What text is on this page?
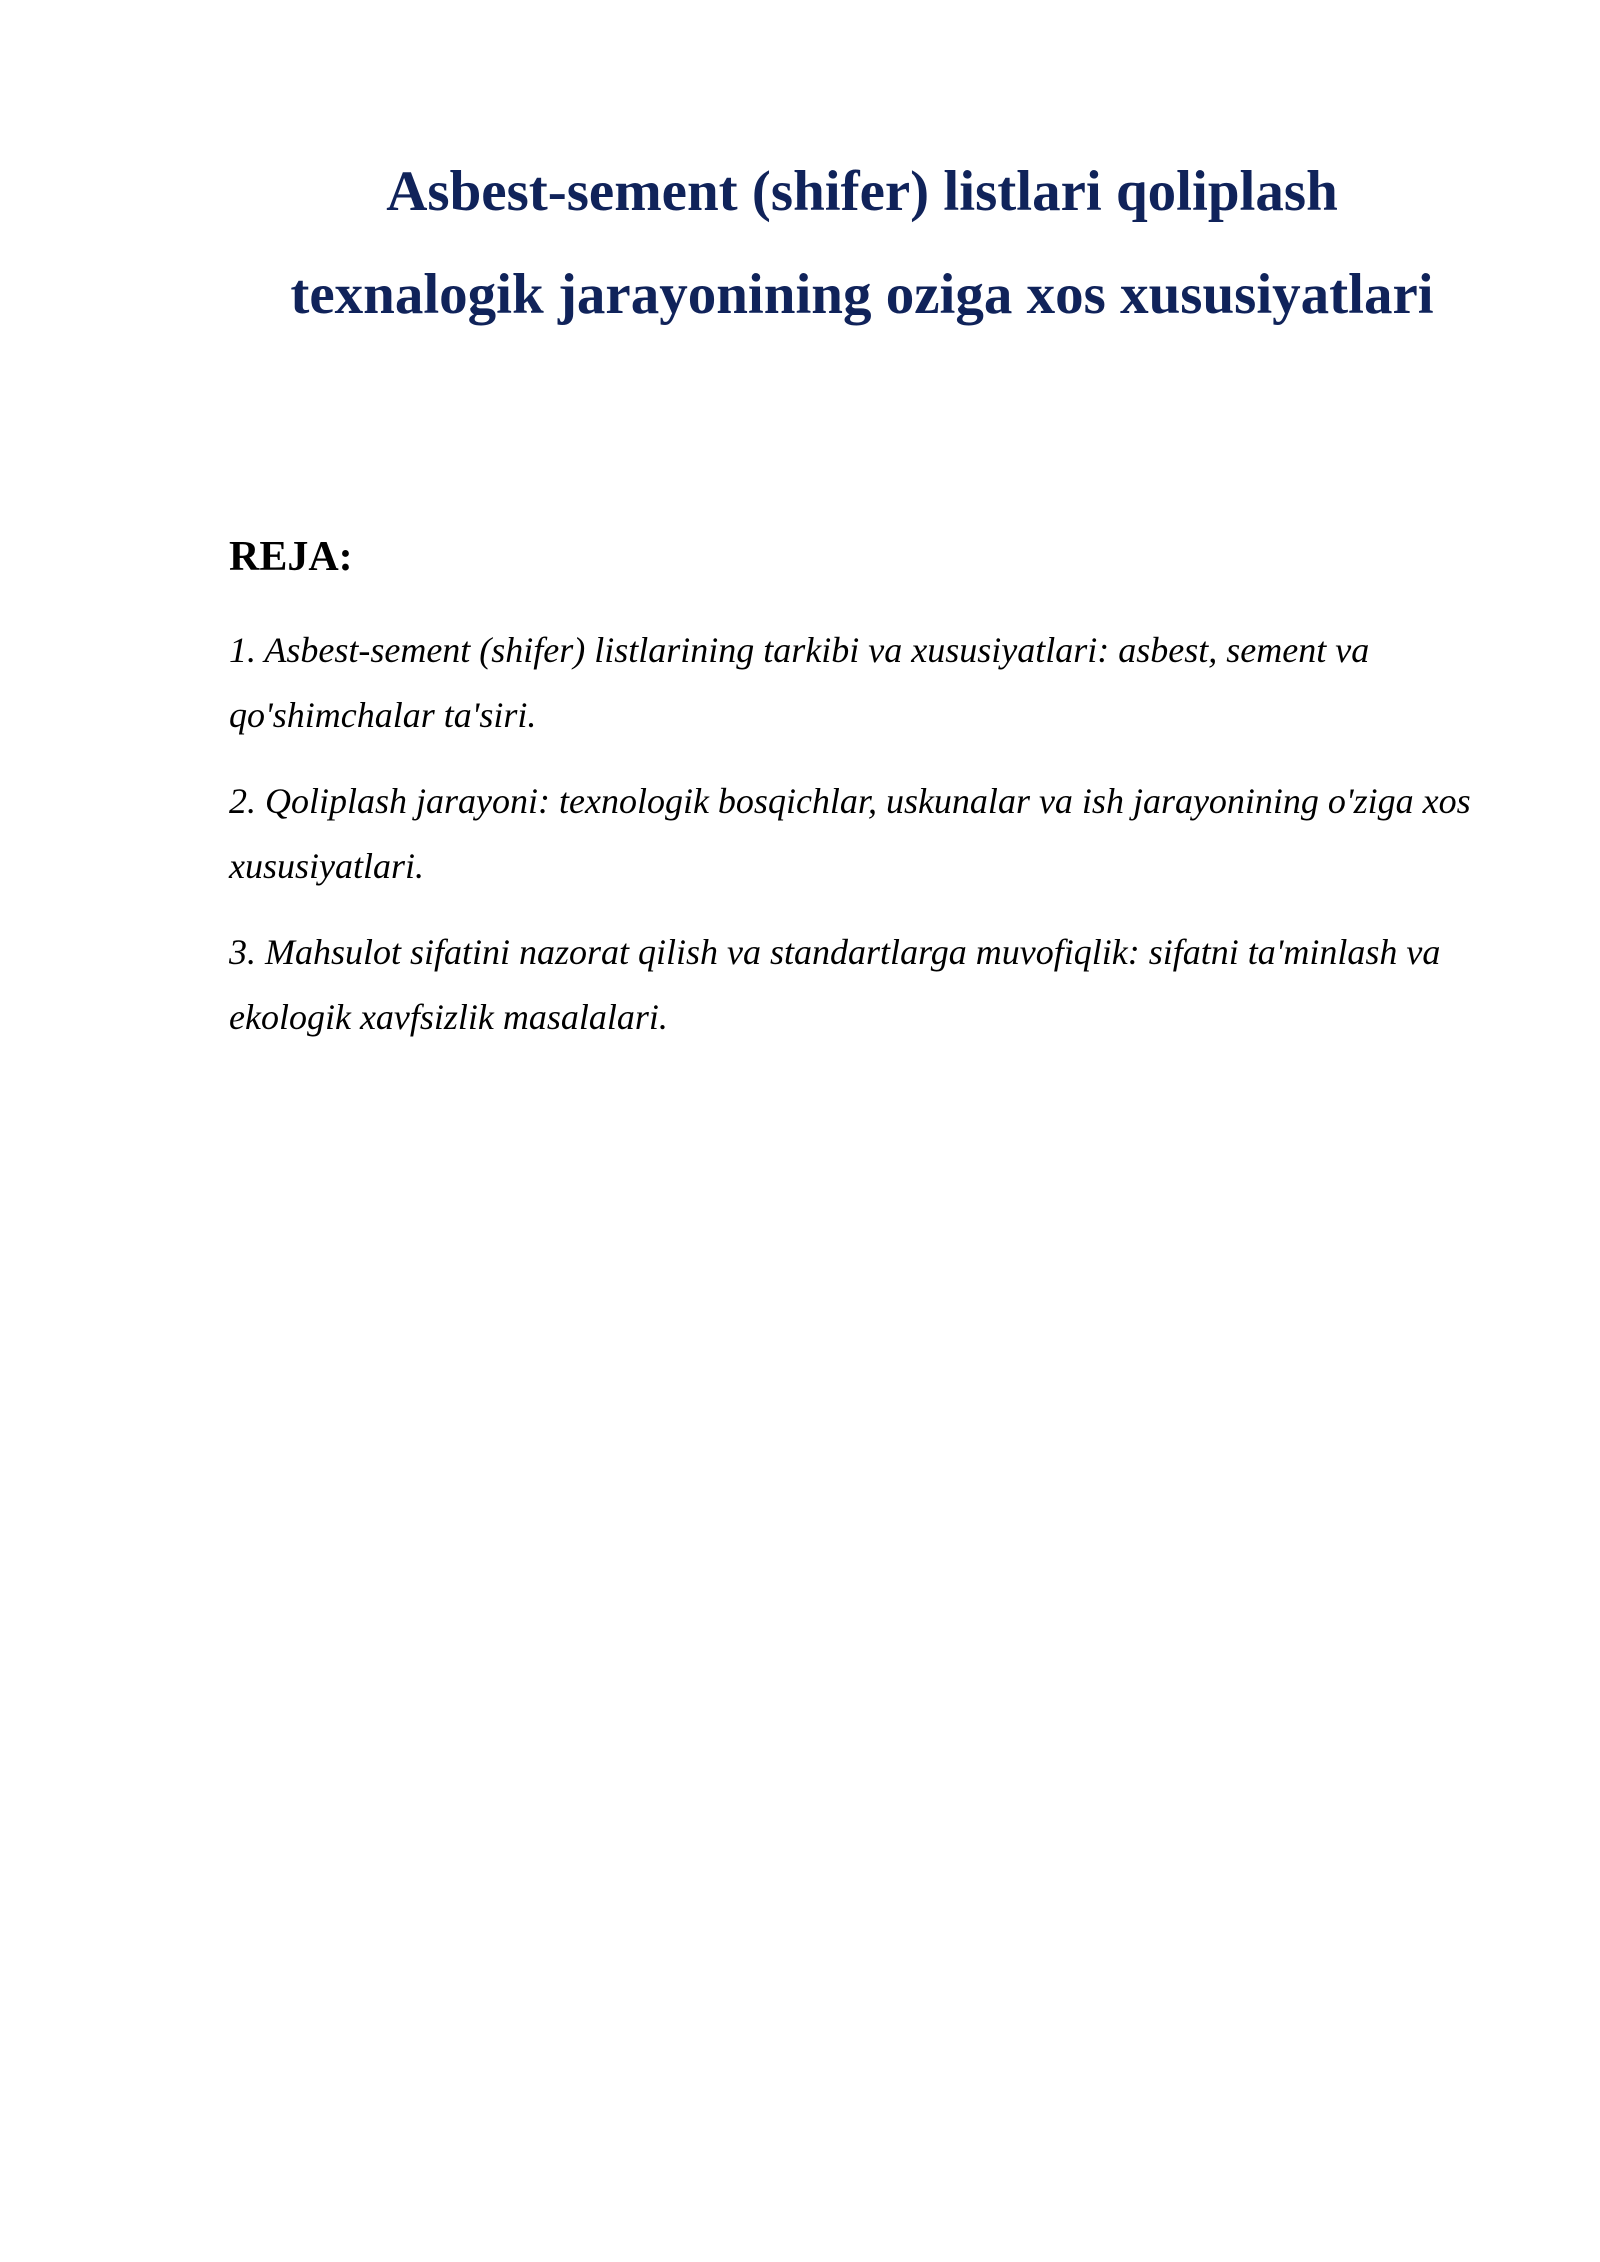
Asbest-sement (shifer) listlari qoliplash
texnalogik jarayonining oziga xos xususiyatlari
REJA:
1. Asbest-sement (shifer) listlarining tarkibi va xususiyatlari: asbest, sement va qo'shimchalar ta'siri.
2. Qoliplash jarayoni: texnologik bosqichlar, uskunalar va ish jarayonining o'ziga xos xususiyatlari.
3. Mahsulot sifatini nazorat qilish va standartlarga muvofiqlik: sifatni ta'minlash va ekologik xavfsizlik masalalari.
